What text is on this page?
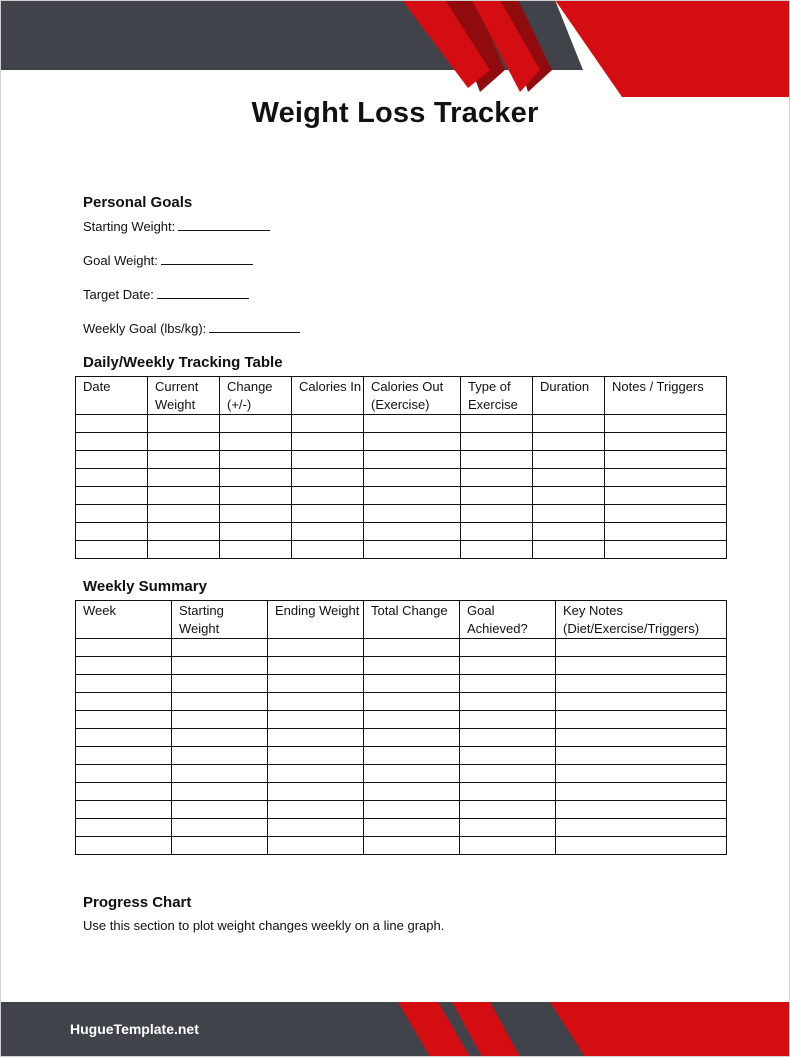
Weight Loss Tracker
Personal Goals
Starting Weight:
Goal Weight:
Target Date:
Weekly Goal (lbs/kg):
Daily/Weekly Tracking Table
Date	Current Weight	Change (+/-)	Calories In	Calories Out (Exercise)	Type of Exercise	Duration	Notes / Triggers

Weekly Summary
Week	Starting Weight	Ending Weight	Total Change	Goal Achieved?	Key Notes (Diet/Exercise/Triggers)

Progress Chart
Use this section to plot weight changes weekly on a line graph.
HugueTemplate.net
